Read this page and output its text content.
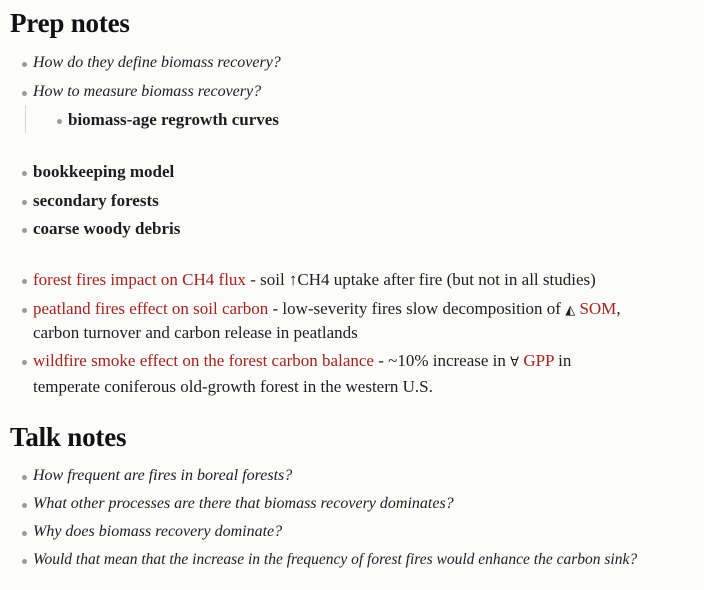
Prep notes
How do they define biomass recovery?
How to measure biomass recovery?
biomass-age regrowth curves
bookkeeping model
secondary forests
coarse woody debris
forest fires impact on CH4 flux - soil ↑CH4 uptake after fire (but not in all studies)
peatland fires effect on soil carbon - low-severity fires slow decomposition of ◭ SOM,
carbon turnover and carbon release in peatlands
wildfire smoke effect on the forest carbon balance - ~10% increase in ∀ GPP in
temperate coniferous old-growth forest in the western U.S.
Talk notes
How frequent are fires in boreal forests?
What other processes are there that biomass recovery dominates?
Why does biomass recovery dominate?
Would that mean that the increase in the frequency of forest fires would enhance the carbon sink?
